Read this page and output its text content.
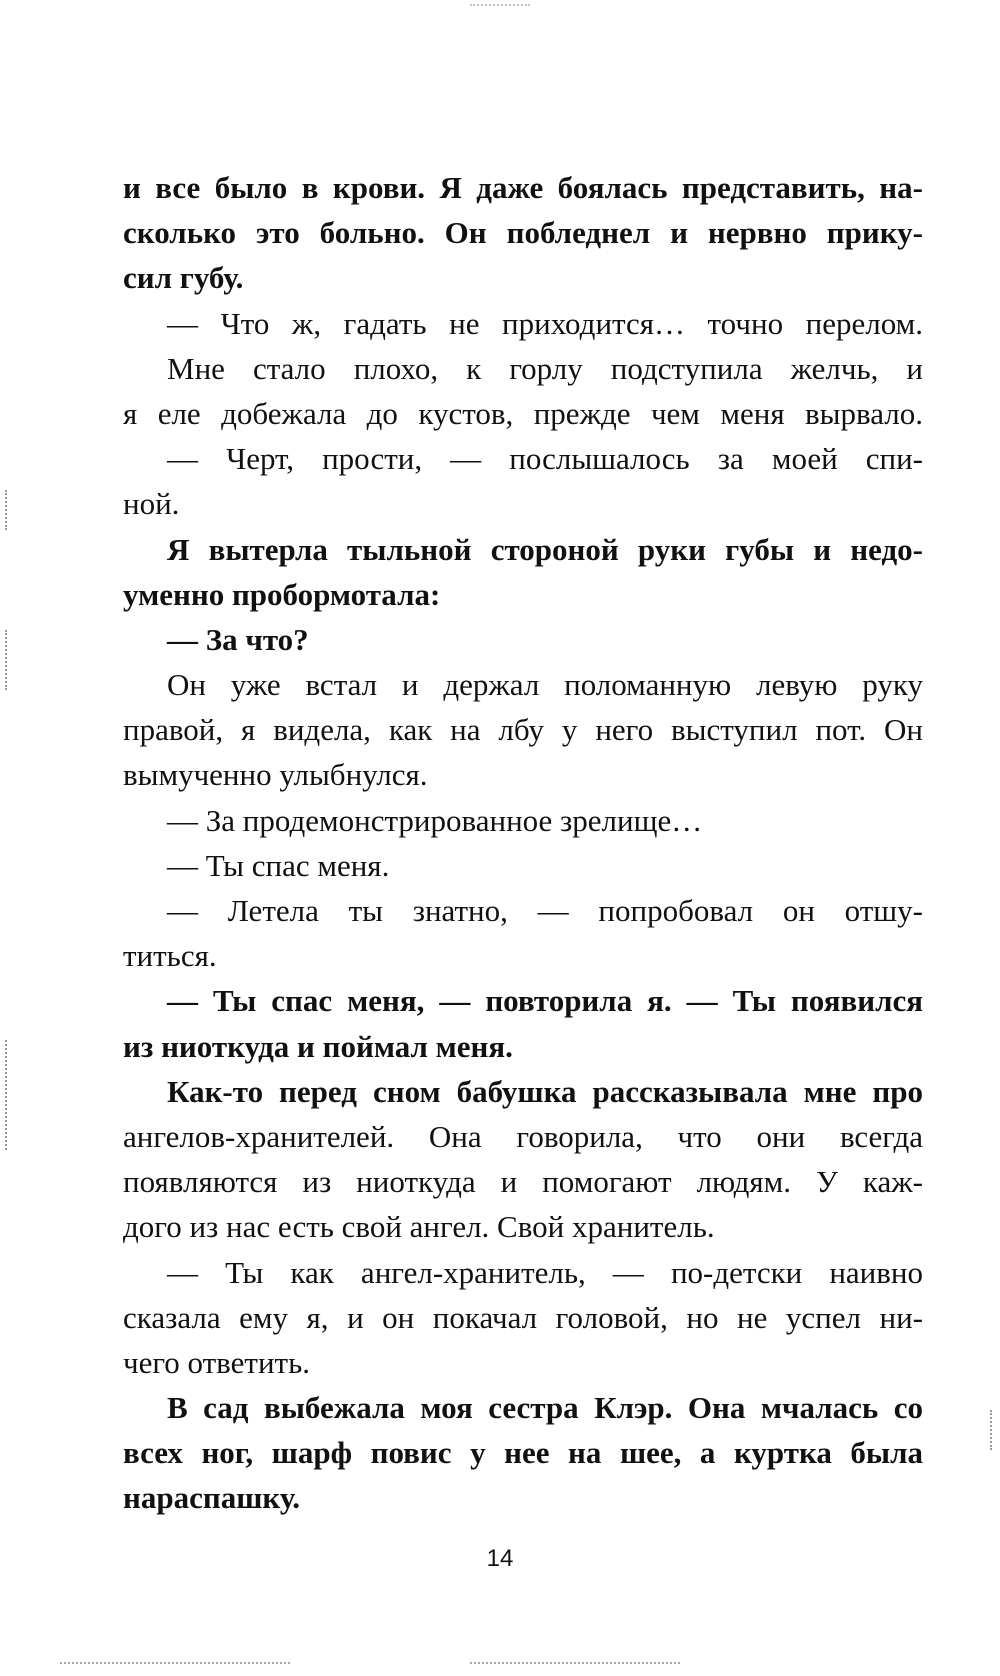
и все было в крови. Я даже боялась представить, на-
сколько это больно. Он побледнел и нервно прику-
сил губу.
— Что ж, гадать не приходится… точно перелом.
Мне стало плохо, к горлу подступила желчь, и
я еле добежала до кустов, прежде чем меня вырвало.
— Черт, прости, — послышалось за моей спи-
ной.
Я вытерла тыльной стороной руки губы и недо-
уменно пробормотала:
— За что?
Он уже встал и держал поломанную левую руку
правой, я видела, как на лбу у него выступил пот. Он
вымученно улыбнулся.
— За продемонстрированное зрелище…
— Ты спас меня.
— Летела ты знатно, — попробовал он отшу-
титься.
— Ты спас меня, — повторила я. — Ты появился
из ниоткуда и поймал меня.
Как-то перед сном бабушка рассказывала мне про
ангелов-хранителей. Она говорила, что они всегда
появляются из ниоткуда и помогают людям. У каж-
дого из нас есть свой ангел. Свой хранитель.
— Ты как ангел-хранитель, — по-детски наивно
сказала ему я, и он покачал головой, но не успел ни-
чего ответить.
В сад выбежала моя сестра Клэр. Она мчалась со
всех ног, шарф повис у нее на шее, а куртка была
нараспашку.
14
